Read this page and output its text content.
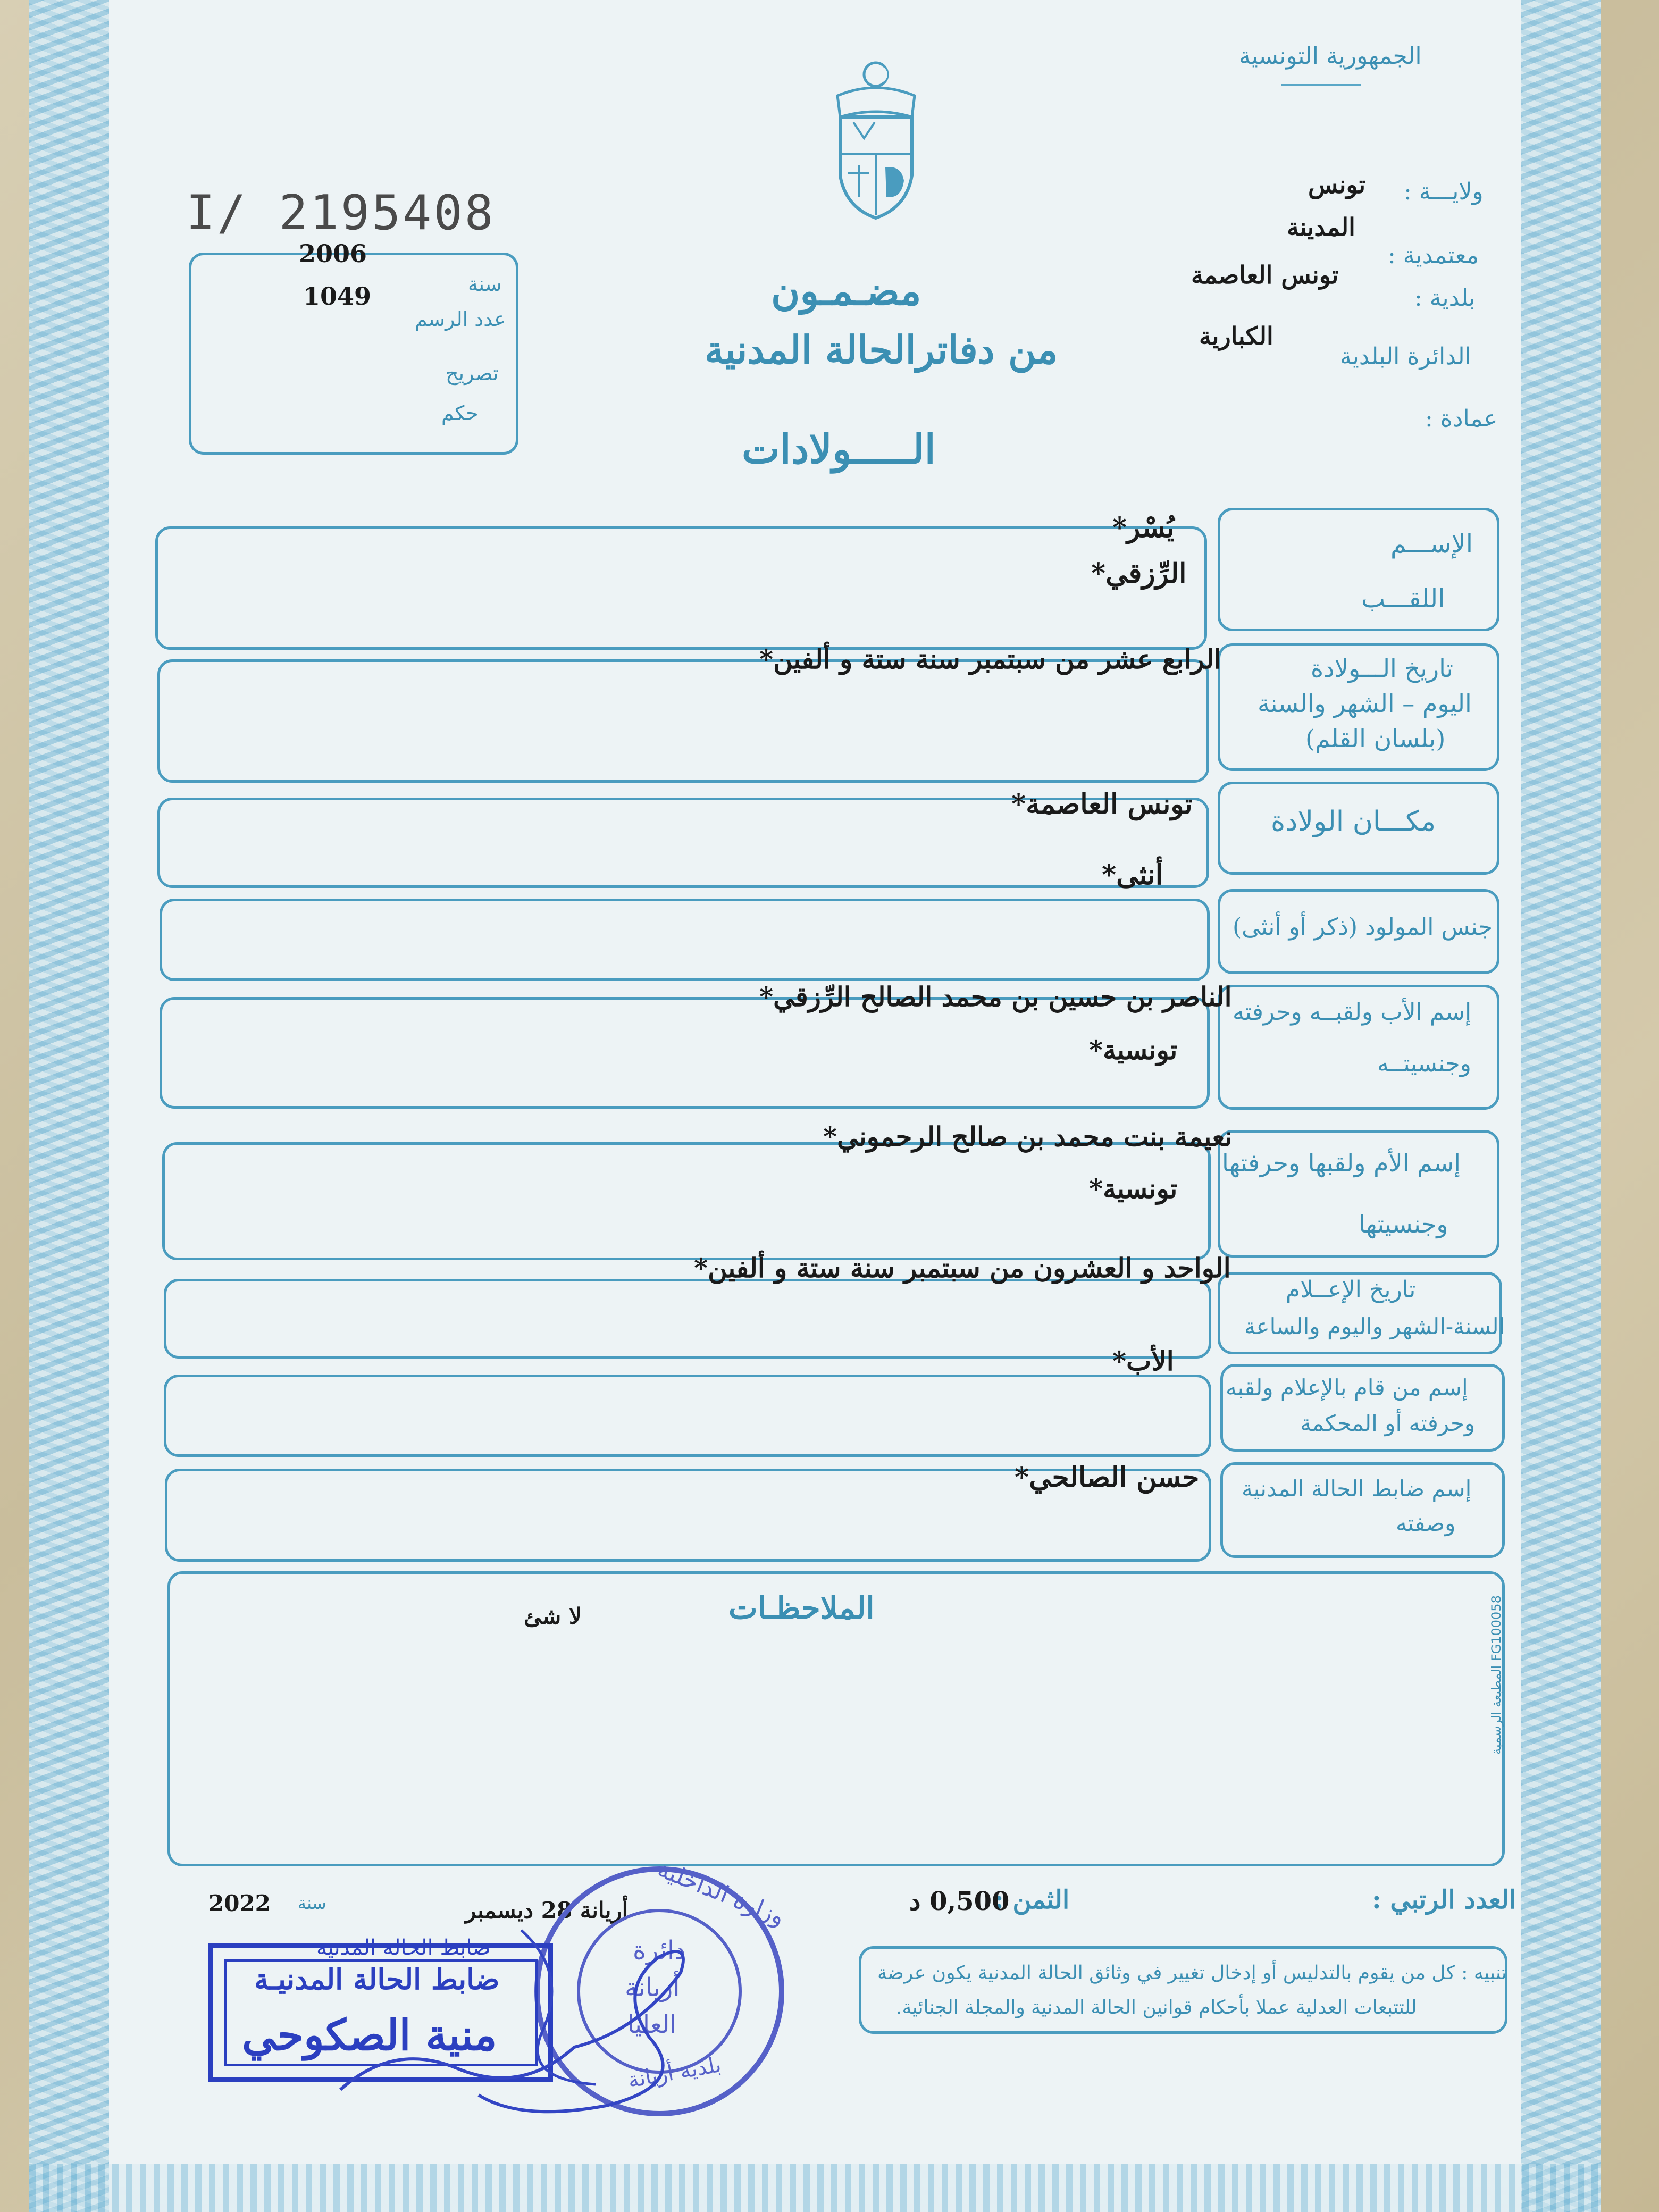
الجمهورية التونسية
I/ 2195408
2006
سنة
1049
عدد الرسم
تصريح
حكم
مضـمـون
من دفاترالحالة المدنية
الـــــولادات
ولايـــة :
تونس
معتمدية :
المدينة
بلدية :
تونس العاصمة
الدائرة البلدية
الكبارية
عمادة :
الإســـم
اللقـــب
يُسْر*
الرِّزقي*
تاريخ الـــولادة
اليوم – الشهر والسنة
(بلسان القلم)
الرابع عشر من سبتمبر سنة ستة و ألفين*
مكـــان الولادة
تونس العاصمة*
جنس المولود (ذكر أو أنثى)
أنثى*
إسم الأب ولقبــه وحرفته
وجنسيتــه
الناصر بن حسين بن محمد الصالح الرِّزقي*
تونسية*
إسم الأم ولقبها وحرفتها
وجنسيتها
نعيمة بنت محمد بن صالح الرحموني*
تونسية*
تاريخ الإعــلام
السنة-الشهر واليوم والساعة
الواحد و العشرون من سبتمبر سنة ستة و ألفين*
إسم من قام بالإعلام ولقبه
وحرفته أو المحكمة
الأب*
إسم ضابط الحالة المدنية
وصفته
حسن الصالحي*
الملاحظـات
لا شئ
المطبعة الرسمية FG100058
العدد الرتبي :
الثمن :
0,500 د
أريانة 28 ديسمبر
سنة
2022
تنبيه : كل من يقوم بالتدليس أو إدخال تغيير في وثائق الحالة المدنية يكون عرضة
للتتبعات العدلية عملا بأحكام قوانين الحالة المدنية والمجلة الجنائية.
وزارة الداخلية
دائرة
أريانة
العليا
بلدية أريانة
ضابط الحالة المدنية
ضابط الحالة المدنيـة
منية الصكوحي
